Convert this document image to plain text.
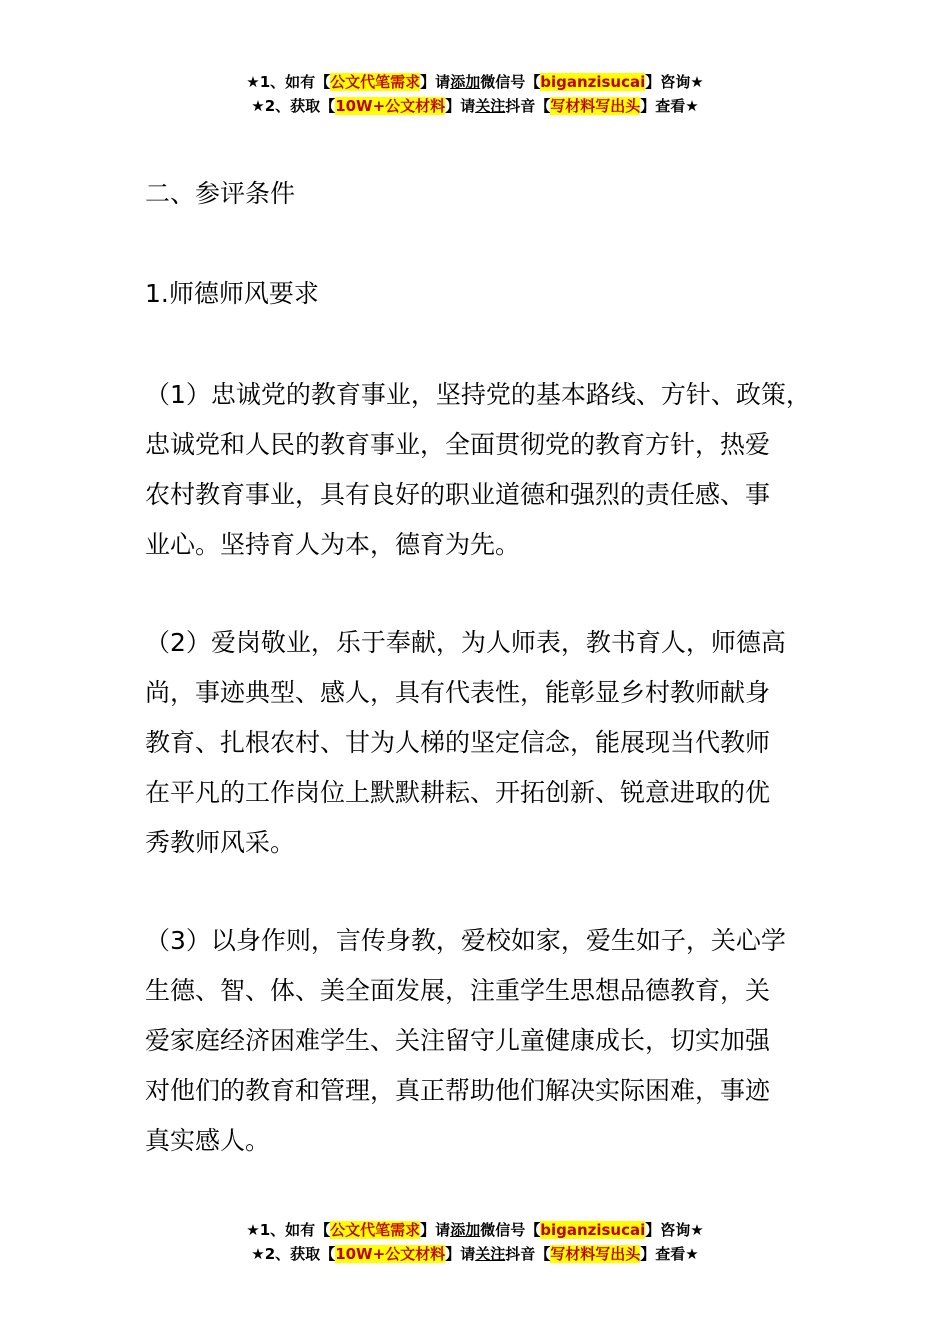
★1、如有【公文代笔需求】请添加微信号【biganzisucai】咨询★
★2、获取【10W+公文材料】请关注抖音【写材料写出头】查看★
二、参评条件
1.师德师风要求

（1）忠诚党的教育事业，坚持党的基本路线、方针、政策，

忠诚党和人民的教育事业，全面贯彻党的教育方针，热爱

农村教育事业，具有良好的职业道德和强烈的责任感、事

业心。坚持育人为本，德育为先。

（2）爱岗敬业，乐于奉献，为人师表，教书育人，师德高

尚，事迹典型、感人，具有代表性，能彰显乡村教师献身

教育、扎根农村、甘为人梯的坚定信念，能展现当代教师

在平凡的工作岗位上默默耕耘、开拓创新、锐意进取的优

秀教师风采。

（3）以身作则，言传身教，爱校如家，爱生如子，关心学

生德、智、体、美全面发展，注重学生思想品德教育，关

爱家庭经济困难学生、关注留守儿童健康成长，切实加强

对他们的教育和管理，真正帮助他们解决实际困难，事迹

真实感人。

★1、如有【公文代笔需求】请添加微信号【biganzisucai】咨询★
★2、获取【10W+公文材料】请关注抖音【写材料写出头】查看★
